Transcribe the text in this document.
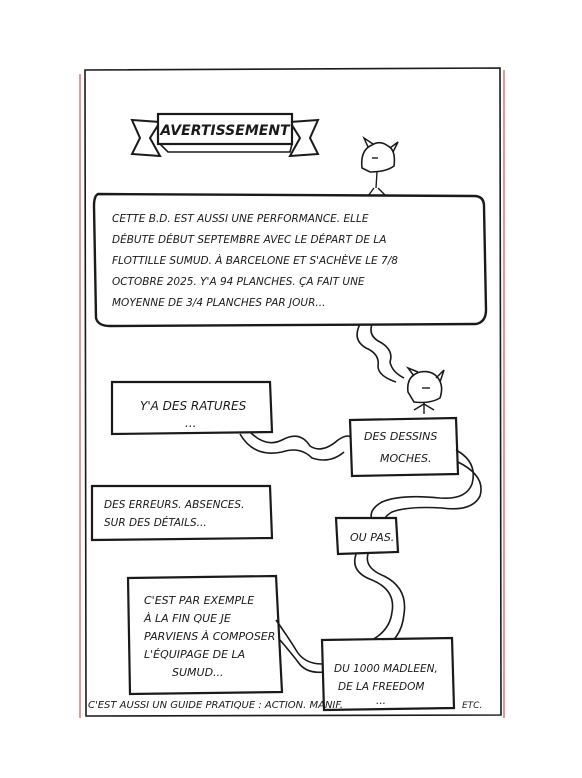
AVERTISSEMENT
CETTE B.D. EST AUSSI UNE PERFORMANCE. ELLE DÉBUTE DÉBUT SEPTEMBRE AVEC LE DÉPART DE LA FLOTTILLE SUMUD. À BARCELONE ET S'ACHÈVE LE 7/8 OCTOBRE 2025. Y'A 94 PLANCHES. ÇA FAIT UNE MOYENNE DE 3/4 PLANCHES PAR JOUR...
Y'A DES RATURES ...
DES DESSINS MOCHES.
DES ERREURS. ABSENCES. SUR DES DÉTAILS...
OU PAS.
C'EST PAR EXEMPLE À LA FIN QUE JE PARVIENS À COMPOSER L'ÉQUIPAGE DE LA SUMUD...	DU 1000 MADLEEN, DE LA FREEDOM ...
C'EST AUSSI UN GUIDE PRATIQUE : ACTION. MANIF.	ETC.
